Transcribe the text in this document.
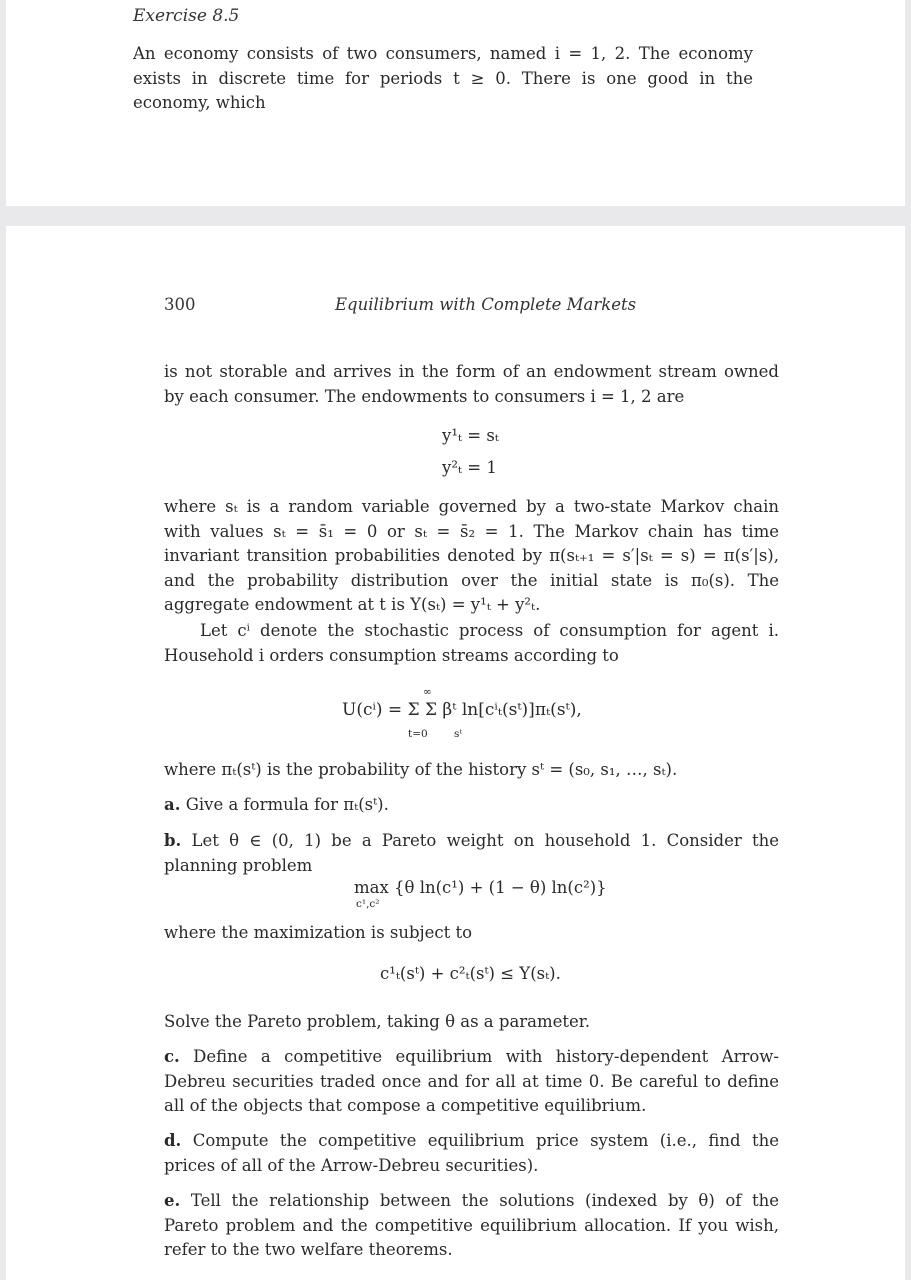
Exercise 8.5
An economy consists of two consumers, named i = 1, 2. The economy exists in discrete time for periods t ≥ 0. There is one good in the economy, which
300	Equilibrium with Complete Markets
is not storable and arrives in the form of an endowment stream owned by each consumer. The endowments to consumers i = 1, 2 are
y¹ₜ = sₜ
y²ₜ = 1
where sₜ is a random variable governed by a two-state Markov chain with values sₜ = s̄₁ = 0 or sₜ = s̄₂ = 1. The Markov chain has time invariant transition probabilities denoted by π(sₜ₊₁ = s′|sₜ = s) = π(s′|s), and the probability distribution over the initial state is π₀(s). The aggregate endowment at t is Y(sₜ) = y¹ₜ + y²ₜ.
Let cⁱ denote the stochastic process of consumption for agent i. Household i orders consumption streams according to
U(cⁱ) = Σ Σ βᵗ ln[cⁱₜ(sᵗ)]πₜ(sᵗ),
∞
t=0	sᵗ
where πₜ(sᵗ) is the probability of the history sᵗ = (s₀, s₁, …, sₜ).
a. Give a formula for πₜ(sᵗ).
b. Let θ ∈ (0, 1) be a Pareto weight on household 1. Consider the planning problem
max {θ ln(c¹) + (1 − θ) ln(c²)}
c¹,c²
where the maximization is subject to
c¹ₜ(sᵗ) + c²ₜ(sᵗ) ≤ Y(sₜ).
Solve the Pareto problem, taking θ as a parameter.
c. Define a competitive equilibrium with history-dependent Arrow-Debreu securities traded once and for all at time 0. Be careful to define all of the objects that compose a competitive equilibrium.
d. Compute the competitive equilibrium price system (i.e., find the prices of all of the Arrow-Debreu securities).
e. Tell the relationship between the solutions (indexed by θ) of the Pareto problem and the competitive equilibrium allocation. If you wish, refer to the two welfare theorems.
